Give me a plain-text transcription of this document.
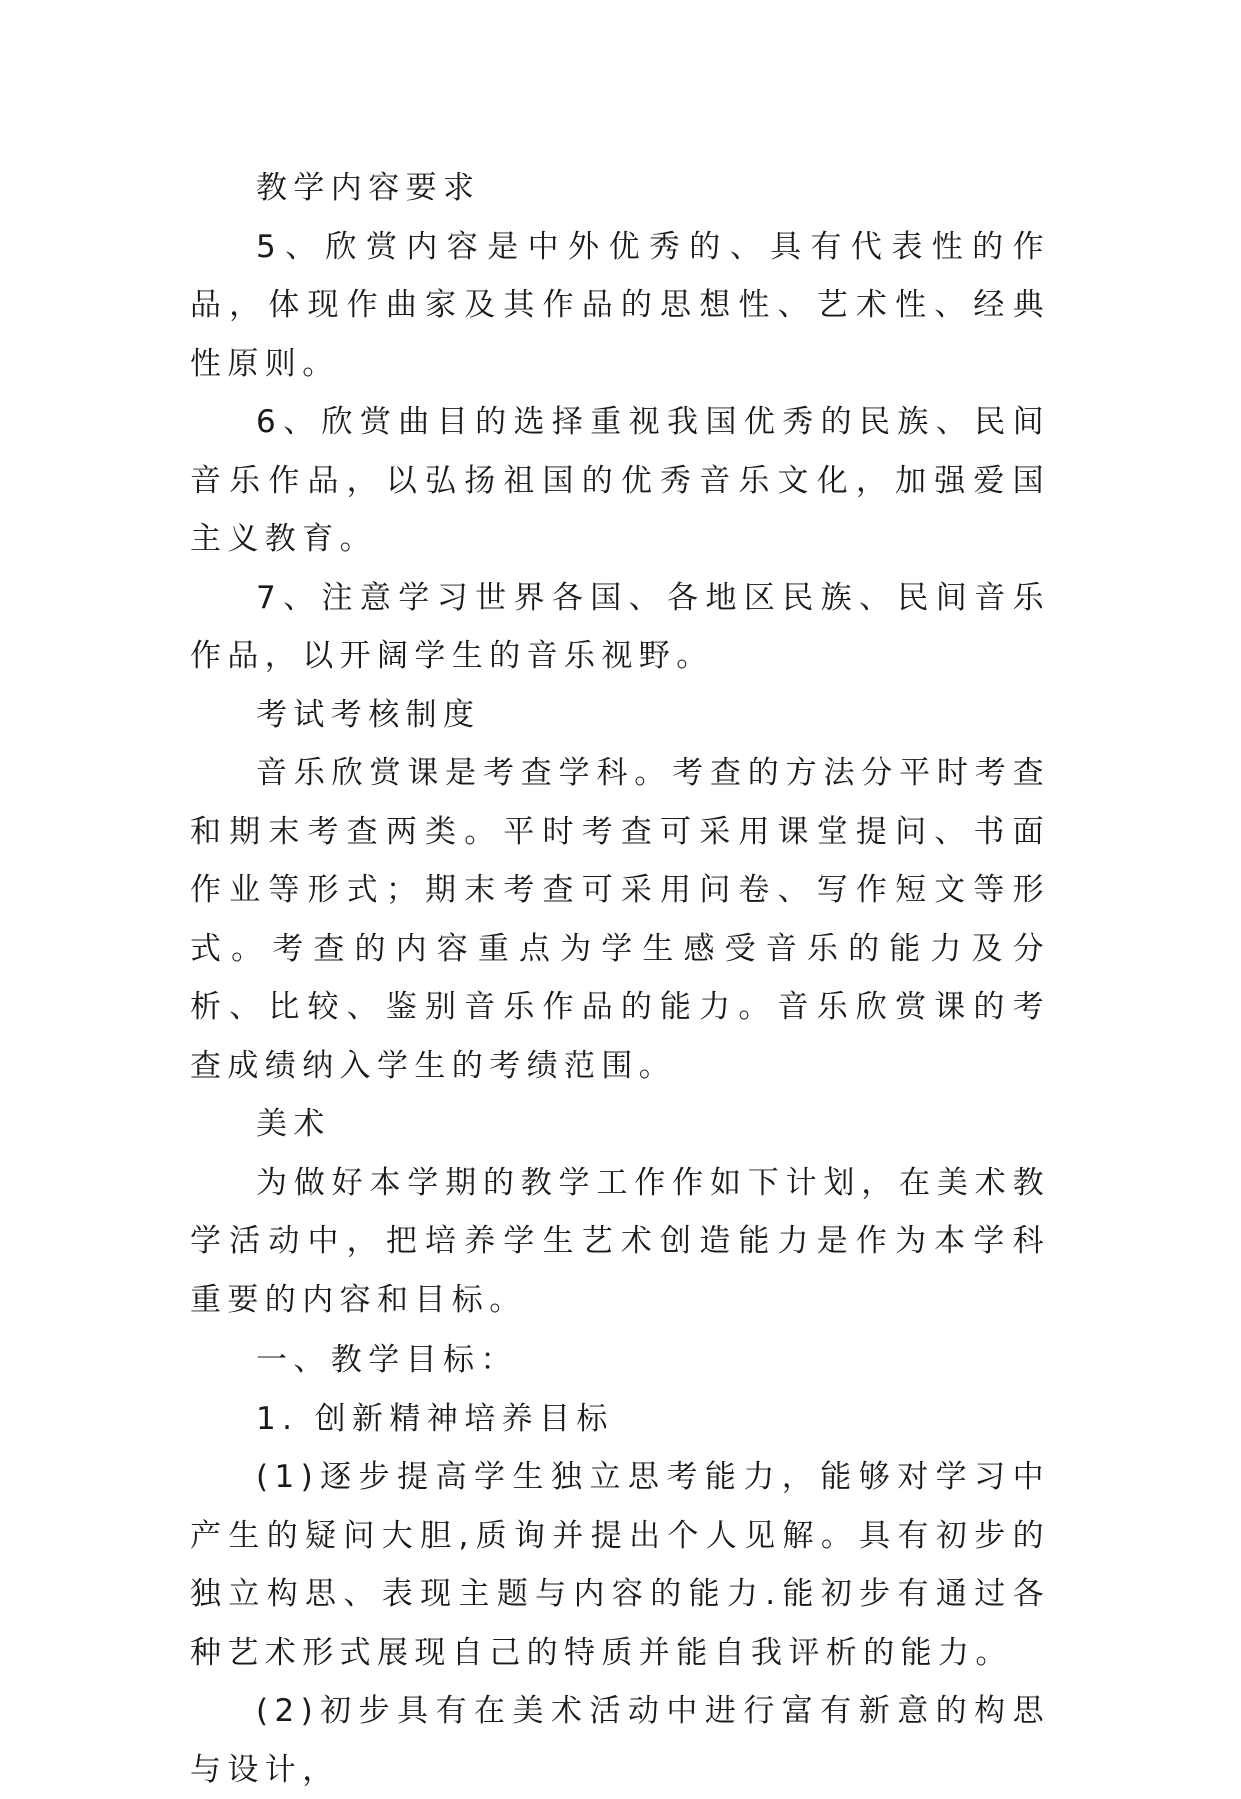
教学内容要求

5、欣赏内容是中外优秀的、具有代表性的作品，体现作曲家及其作品的思想性、艺术性、经典性原则。

6、欣赏曲目的选择重视我国优秀的民族、民间音乐作品，以弘扬祖国的优秀音乐文化，加强爱国主义教育。

7、注意学习世界各国、各地区民族、民间音乐作品，以开阔学生的音乐视野。

考试考核制度

音乐欣赏课是考查学科。考查的方法分平时考查和期末考查两类。平时考查可采用课堂提问、书面作业等形式；期末考查可采用问卷、写作短文等形式。考查的内容重点为学生感受音乐的能力及分析、比较、鉴别音乐作品的能力。音乐欣赏课的考查成绩纳入学生的考绩范围。

美术

为做好本学期的教学工作作如下计划，在美术教学活动中，把培养学生艺术创造能力是作为本学科重要的内容和目标。

一、教学目标：

1. 创新精神培养目标

(1)逐步提高学生独立思考能力，能够对学习中产生的疑问大胆,质询并提出个人见解。具有初步的独立构思、表现主题与内容的能力.能初步有通过各种艺术形式展现自己的特质并能自我评析的能力。

(2)初步具有在美术活动中进行富有新意的构思与设计，
